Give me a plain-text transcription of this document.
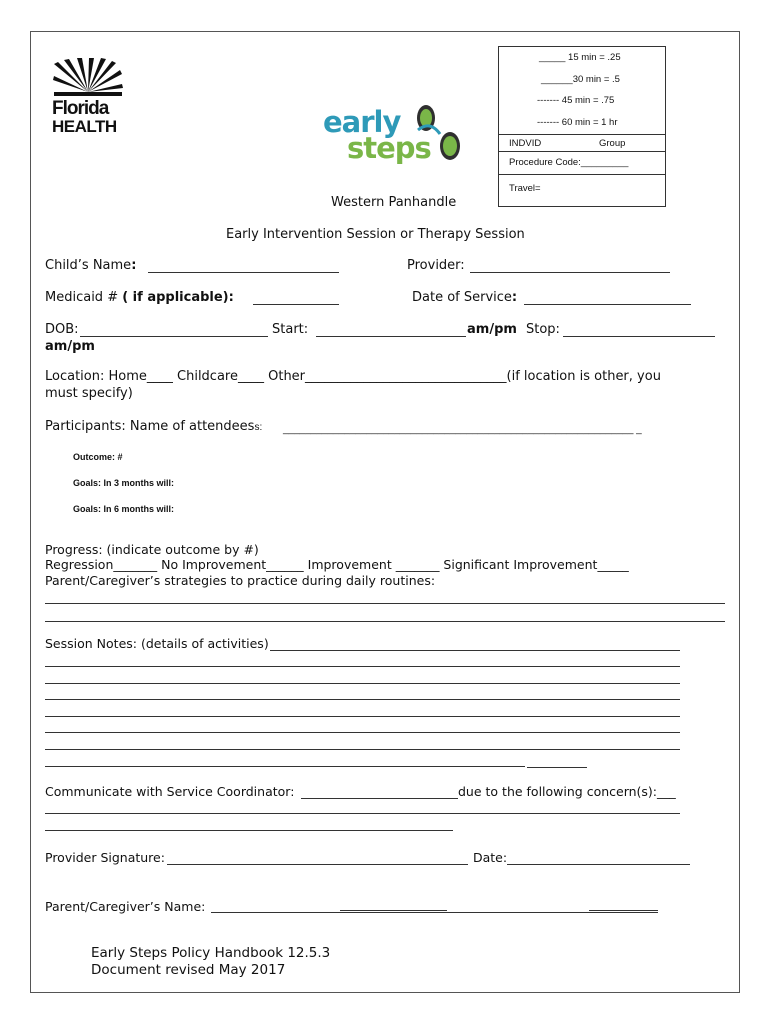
Florida
HEALTH	early
steps
_____ 15 min = .25
______30 min = .5
------- 45 min = .75
------- 60 min = 1 hr
INDVID	Group
Procedure Code:_________
Travel=
Western Panhandle
Early Intervention Session or Therapy Session
Child’s Name:	Provider:
Medicaid # ( if applicable):	Date of Service:
DOB:	Start:	am/pm Stop:
am/pm
Location: Home____ Childcare____ Other_______________________________(if location is other, you
must specify)
Participants: Name of attendeess: _______________________________________________________________ _
Outcome: #
Goals: In 3 months will:
Goals: In 6 months will:
Progress: (indicate outcome by #)
Regression_______ No Improvement______ Improvement _______ Significant Improvement_____
Parent/Caregiver’s strategies to practice during daily routines:
Session Notes: (details of activities)
Communicate with Service Coordinator:	due to the following concern(s):___
Provider Signature:	Date:
Parent/Caregiver’s Name:
Early Steps Policy Handbook 12.5.3
Document revised May 2017
